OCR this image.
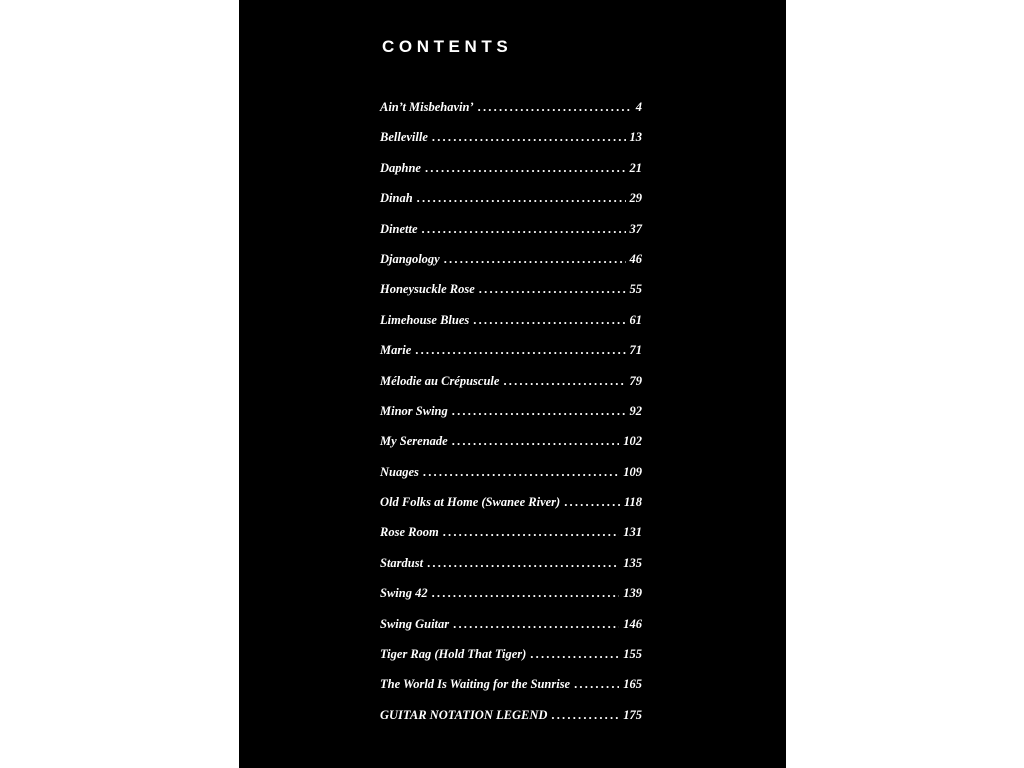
CONTENTS
Ain’t Misbehavin’ .....	4
Belleville .....	13
Daphne .....	21
Dinah .....	29
Dinette .....	37
Djangology .....	46
Honeysuckle Rose .....	55
Limehouse Blues .....	61
Marie .....	71
Mélodie au Crépuscule .....	79
Minor Swing .....	92
My Serenade .....	102
Nuages .....	109
Old Folks at Home (Swanee River) .....	118
Rose Room .....	131
Stardust .....	135
Swing 42 .....	139
Swing Guitar .....	146
Tiger Rag (Hold That Tiger) .....	155
The World Is Waiting for the Sunrise .....	165
GUITAR NOTATION LEGEND .....	175
